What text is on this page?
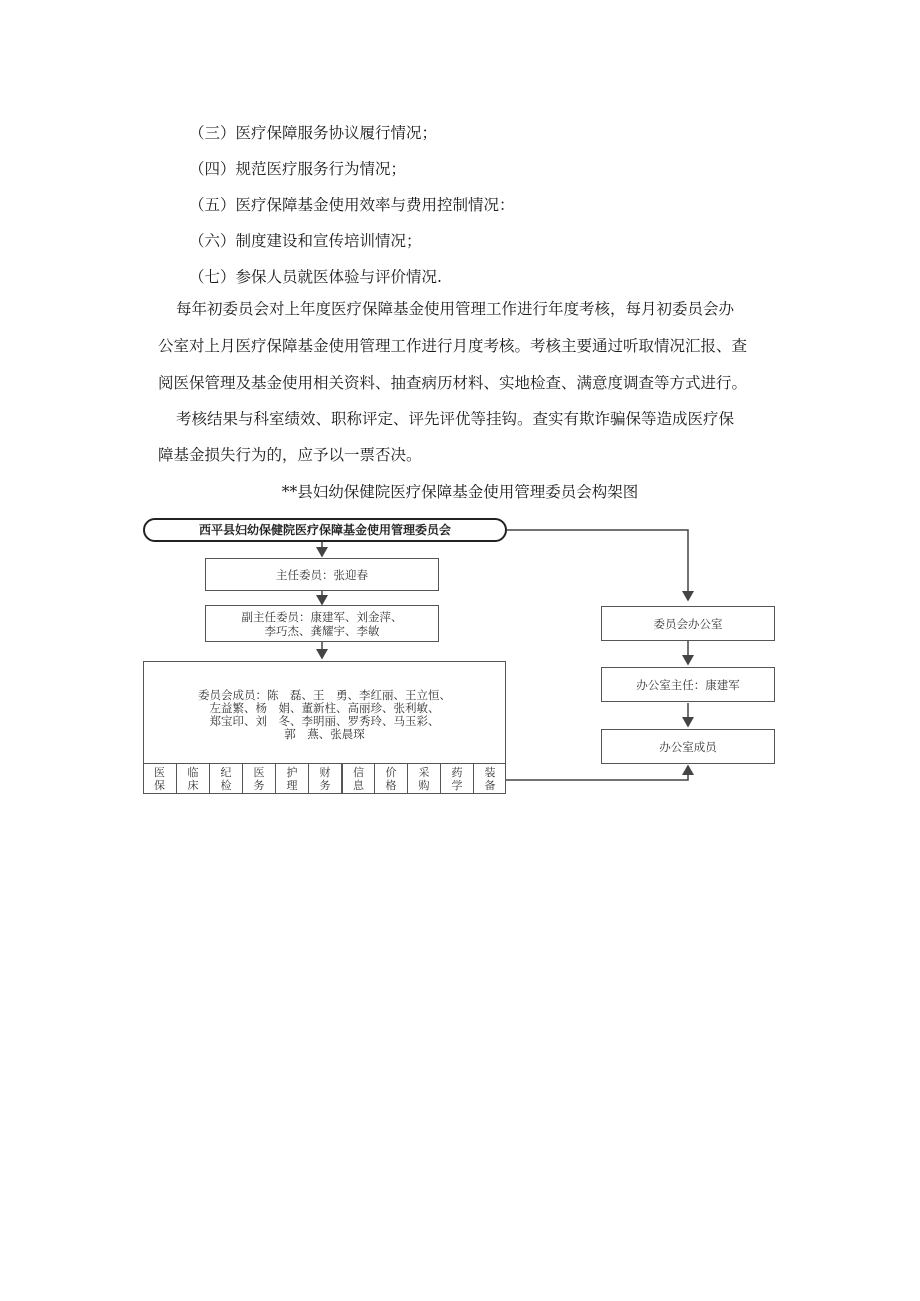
（三）医疗保障服务协议履行情况；
（四）规范医疗服务行为情况；
（五）医疗保障基金使用效率与费用控制情况：
（六）制度建设和宣传培训情况；
（七）参保人员就医体验与评价情况.
每年初委员会对上年度医疗保障基金使用管理工作进行年度考核，每月初委员会办
公室对上月医疗保障基金使用管理工作进行月度考核。考核主要通过听取情况汇报、查
阅医保管理及基金使用相关资料、抽查病历材料、实地检查、满意度调查等方式进行。
考核结果与科室绩效、职称评定、评先评优等挂钩。查实有欺诈骗保等造成医疗保
障基金损失行为的，应予以一票否决。
**县妇幼保健院医疗保障基金使用管理委员会构架图
西平县妇幼保健院医疗保障基金使用管理委员会
主任委员：张迎春
副主任委员：康建军、刘金萍、
李巧杰、龚耀宇、李敏
委员会成员：陈　磊、王　勇、李红丽、王立恒、
左益繁、杨　娟、董新柱、高丽珍、张利敏、
郑宝印、刘　冬、李明丽、罗秀玲、马玉彩、
郭　燕、张晨琛
医
保
临
床
纪
检
医
务
护
理
财
务
信
息
价
格
采
购
药
学
装
备
委员会办公室
办公室主任：康建军
办公室成员
